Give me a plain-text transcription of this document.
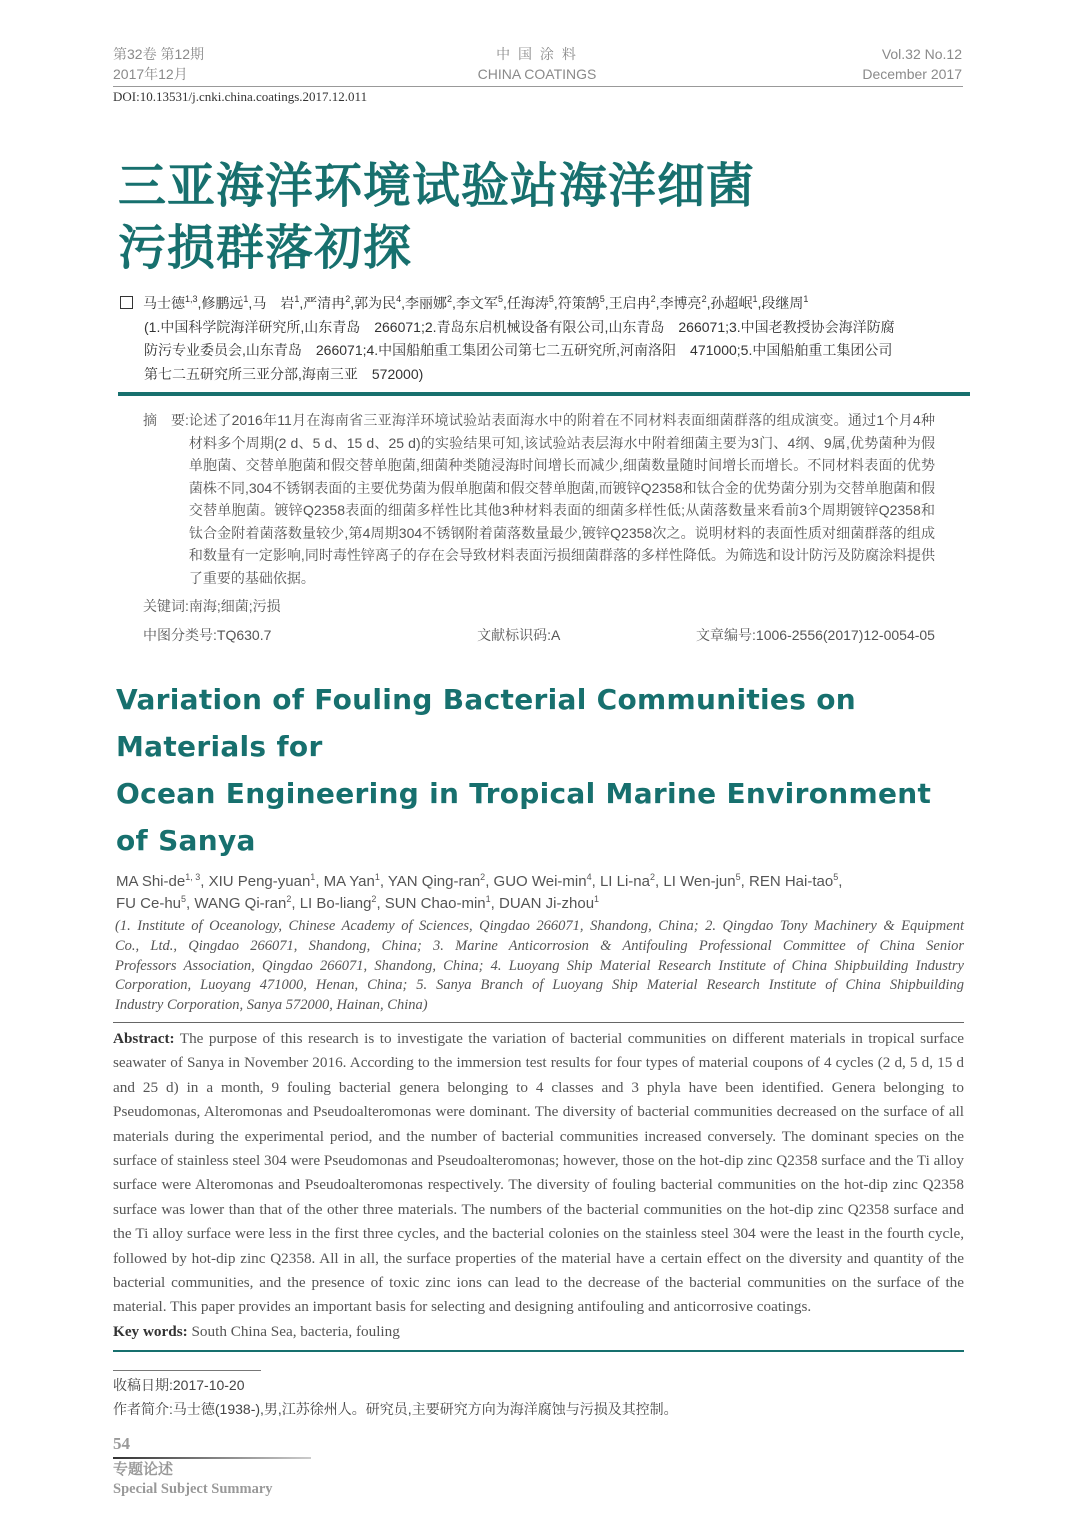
第32卷 第12期
2017年12月
中 国 涂 料
CHINA COATINGS
Vol.32 No.12
December 2017
DOI:10.13531/j.cnki.china.coatings.2017.12.011
三亚海洋环境试验站海洋细菌
污损群落初探
马士德$^{1,3}$,修鹏远$^1$,马　岩$^1$,严清冉$^2$,郭为民$^4$,李丽娜$^2$,李文军$^5$,任海涛$^5$,符策鹄$^5$,王启冉$^2$,李博亮$^2$,孙超岷$^1$,段继周$^1$
(1.中国科学院海洋研究所,山东青岛　266071;2.青岛东启机械设备有限公司,山东青岛　266071;3.中国老教授协会海洋防腐
防污专业委员会,山东青岛　266071;4.中国船舶重工集团公司第七二五研究所,河南洛阳　471000;5.中国船舶重工集团公司
第七二五研究所三亚分部,海南三亚　572000)
摘　要: 论述了2016年11月在海南省三亚海洋环境试验站表面海水中的附着在不同材料表面细菌群落的组成演变。通过1个月4种材料多个周期(2 d、5 d、15 d、25 d)的实验结果可知,该试验站表层海水中附着细菌主要为3门、4纲、9属,优势菌种为假单胞菌、交替单胞菌和假交替单胞菌,细菌种类随浸海时间增长而减少,细菌数量随时间增长而增长。不同材料表面的优势菌株不同,304不锈钢表面的主要优势菌为假单胞菌和假交替单胞菌,而镀锌Q2358和钛合金的优势菌分别为交替单胞菌和假交替单胞菌。镀锌Q2358表面的细菌多样性比其他3种材料表面的细菌多样性低;从菌落数量来看前3个周期镀锌Q2358和钛合金附着菌落数量较少,第4周期304不锈钢附着菌落数量最少,镀锌Q2358次之。说明材料的表面性质对细菌群落的组成和数量有一定影响,同时毒性锌离子的存在会导致材料表面污损细菌群落的多样性降低。为筛选和设计防污及防腐涂料提供了重要的基础依据。
关键词:南海;细菌;污损
中图分类号:TQ630.7	文献标识码:A	文章编号:1006-2556(2017)12-0054-05
Variation of Fouling Bacterial Communities on Materials for
Ocean Engineering in Tropical Marine Environment of Sanya
MA Shi-de$^{1, 3}$, XIU Peng-yuan$^1$, MA Yan$^1$, YAN Qing-ran$^2$, GUO Wei-$\min^4$, LI $Li-na^2$, LI Wen-jun$^5$, REN Hai-tao$^5$,
FU $Ce-hu^5$, WANG Qi-ran$^2$, LI Bo-liang$^2$, SUN Chao-$\min^1$, DUAN Ji-zhou$^1$
(1. Institute of Oceanology, Chinese Academy of Sciences, Qingdao 266071, Shandong, China; 2. Qingdao Tony Machinery & Equipment
Co., Ltd., Qingdao 266071, Shandong, China; 3. Marine Anticorrosion & Antifouling Professional Committee of China Senior
Professors Association, Qingdao 266071, Shandong, China; 4. Luoyang Ship Material Research Institute of China Shipbuilding Industry
Corporation, Luoyang 471000, Henan, China; 5. Sanya Branch of Luoyang Ship Material Research Institute of China Shipbuilding
Industry Corporation, Sanya 572000, Hainan, China)
Abstract: The purpose of this research is to investigate the variation of bacterial communities on different materials in tropical surface seawater of Sanya in November 2016. According to the immersion test results for four types of material coupons of 4 cycles (2 d, 5 d, 15 d and 25 d) in a month, 9 fouling bacterial genera belonging to 4 classes and 3 phyla have been identified. Genera belonging to Pseudomonas, Alteromonas and Pseudoalteromonas were dominant. The diversity of bacterial communities decreased on the surface of all materials during the experimental period, and the number of bacterial communities increased conversely. The dominant species on the surface of stainless steel 304 were Pseudomonas and Pseudoalteromonas; however, those on the hot-dip zinc Q2358 surface and the Ti alloy surface were Alteromonas and Pseudoalteromonas respectively. The diversity of fouling bacterial communities on the hot-dip zinc Q2358 surface was lower than that of the other three materials. The numbers of the bacterial communities on the hot-dip zinc Q2358 surface and the Ti alloy surface were less in the first three cycles, and the bacterial colonies on the stainless steel 304 were the least in the fourth cycle, followed by hot-dip zinc Q2358. All in all, the surface properties of the material have a certain effect on the diversity and quantity of the bacterial communities, and the presence of toxic zinc ions can lead to the decrease of the bacterial communities on the surface of the material. This paper provides an important basis for selecting and designing antifouling and anticorrosive coatings.
Key words: South China Sea, bacteria, fouling
收稿日期:2017-10-20
作者简介:马士德(1938-),男,江苏徐州人。研究员,主要研究方向为海洋腐蚀与污损及其控制。
54
专题论述
Special Subject Summary
